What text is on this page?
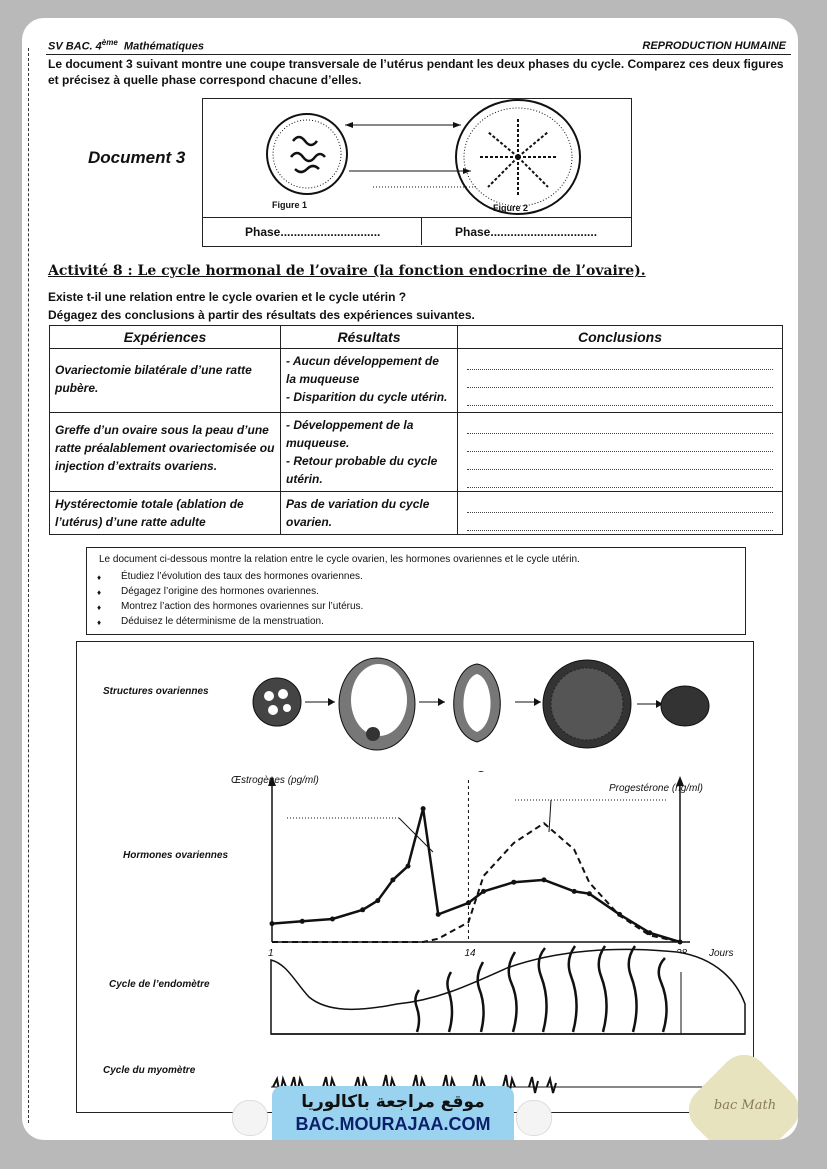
SV BAC. 4ème  Mathématiques	REPRODUCTION HUMAINE
Le document 3 suivant montre une coupe transversale de l’utérus pendant les deux phases du cycle. Comparez ces deux figures et précisez à quelle phase correspond chacune d’elles.
Document 3
Figure 1	Figure 2
Phase..............................	Phase................................
Activité 8 : Le cycle hormonal de l’ovaire (la fonction endocrine de l’ovaire).
Existe t-il une relation entre le cycle ovarien et le cycle utérin ?
Dégagez des conclusions à partir des résultats des expériences suivantes.
Expériences	Résultats	Conclusions
Ovariectomie bilatérale d’une ratte pubère.	- Aucun développement de la muqueuse
- Disparition du cycle utérin.	

Greffe d’un ovaire sous la peau d’une ratte préalablement ovariectomisée ou injection d’extraits ovariens.	- Développement de la muqueuse.
- Retour probable du cycle utérin.	

Hystérectomie totale (ablation de l’utérus) d’une ratte adulte	Pas de variation du cycle ovarien.	

Le document ci-dessous montre la relation entre le cycle ovarien, les hormones ovariennes et le cycle utérin.
♦ Étudiez l’évolution des taux des hormones ovariennes.
♦ Dégagez l’origine des hormones ovariennes.
♦ Montrez l’action des hormones ovariennes sur l’utérus.
♦ Déduisez le déterminisme de la menstruation.
Structures ovariennes
Hormones ovariennes
Cycle de l’endomètre
Cycle du myomètre
Œstrogènes (pg/ml)
Progestérone (ng/ml)
Jours
1	14
bac Math
موقع مراجعة باكالوريا
BAC.MOURAJAA.COM
